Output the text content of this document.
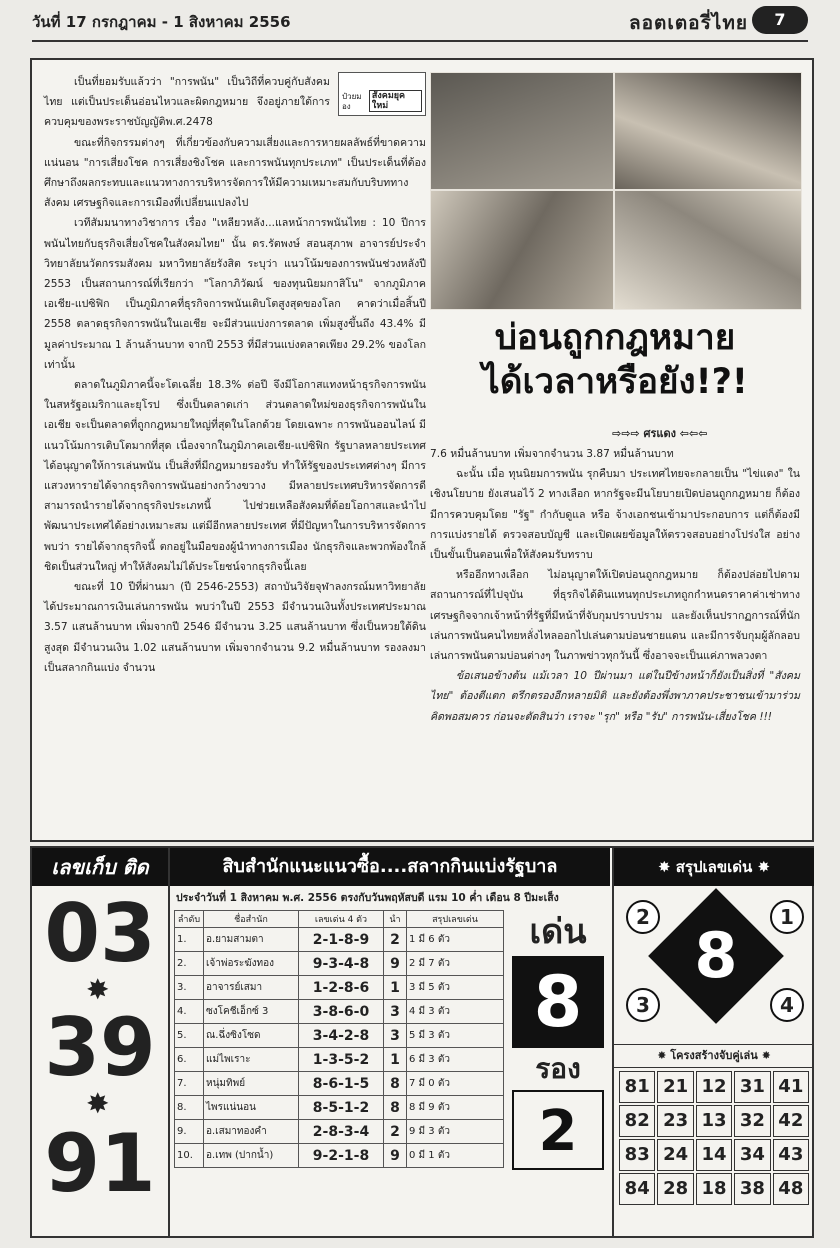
วันที่ 17 กรกฎาคม - 1 สิงหาคม 2556	ลอตเตอรี่ไทย	7
ป๋วยมอง
สังคมยุคใหม่

เป็นที่ยอมรับแล้วว่า "การพนัน" เป็นวิถีที่ควบคู่กับสังคมไทย แต่เป็นประเด็นอ่อนไหวและผิดกฎหมาย จึงอยู่ภายใต้การควบคุมของพระราชบัญญัติพ.ศ.2478

ขณะที่กิจกรรมต่างๆ ที่เกี่ยวข้องกับความเสี่ยงและการหายผลลัพธ์ที่ขาดความแน่นอน "การเสี่ยงโชค การเสี่ยงชิงโชค และการพนันทุกประเภท" เป็นประเด็นที่ต้องศึกษาถึงผลกระทบและแนวทางการบริหารจัดการให้มีความเหมาะสมกับบริบททางสังคม เศรษฐกิจและการเมืองที่เปลี่ยนแปลงไป

เวทีสัมมนาทางวิชาการ เรื่อง "เหลียวหลัง...แลหน้าการพนันไทย : 10 ปีการพนันไทยกับธุรกิจเสี่ยงโชคในสังคมไทย" นั้น ดร.รัตพงษ์ สอนสุภาพ อาจารย์ประจำวิทยาลัยนวัตกรรมสังคม มหาวิทยาลัยรังสิต ระบุว่า แนวโน้มของการพนันช่วงหลังปี 2553 เป็นสถานการณ์ที่เรียกว่า "โลกาภิวัฒน์ ของทุนนิยมกาสิโน" จากภูมิภาคเอเชีย-แปซิฟิก เป็นภูมิภาคที่ธุรกิจการพนันเติบโตสูงสุดของโลก คาดว่าเมื่อสิ้นปี 2558 ตลาดธุรกิจการพนันในเอเชีย จะมีส่วนแบ่งการตลาด เพิ่มสูงขึ้นถึง 43.4% มีมูลค่าประมาณ 1 ล้านล้านบาท จากปี 2553 ที่มีส่วนแบ่งตลาดเพียง 29.2% ของโลกเท่านั้น

ตลาดในภูมิภาคนี้จะโตเฉลี่ย 18.3% ต่อปี จึงมีโอกาสแทงหน้าธุรกิจการพนันในสหรัฐอเมริกาและยุโรป ซึ่งเป็นตลาดเก่า ส่วนตลาดใหม่ของธุรกิจการพนันในเอเชีย จะเป็นตลาดที่ถูกกฎหมายใหญ่ที่สุดในโลกด้วย โดยเฉพาะ การพนันออนไลน์ มีแนวโน้มการเติบโตมากที่สุด เนื่องจากในภูมิภาคเอเชีย-แปซิฟิก รัฐบาลหลายประเทศได้อนุญาตให้การเล่นพนัน เป็นสิ่งที่มีกฎหมายรองรับ ทำให้รัฐของประเทศต่างๆ มีการแสวงหารายได้จากธุรกิจการพนันอย่างกว้างขวาง มีหลายประเทศบริหารจัดการดี สามารถนำรายได้จากธุรกิจประเภทนี้ ไปช่วยเหลือสังคมที่ด้อยโอกาสและนำไปพัฒนาประเทศได้อย่างเหมาะสม แต่มีอีกหลายประเทศ ที่มีปัญหาในการบริหารจัดการ พบว่า รายได้จากธุรกิจนี้ ตกอยู่ในมือของผู้นำทางการเมือง นักธุรกิจและพวกพ้องใกล้ชิดเป็นส่วนใหญ่ ทำให้สังคมไม่ได้ประโยชน์จากธุรกิจนี้เลย

ขณะที่ 10 ปีที่ผ่านมา (ปี 2546-2553) สถาบันวิจัยจุฬาลงกรณ์มหาวิทยาลัย ได้ประมาณการเงินเล่นการพนัน พบว่าในปี 2553 มีจำนวนเงินทั้งประเทศประมาณ 3.57 แสนล้านบาท เพิ่มจากปี 2546 มีจำนวน 3.25 แสนล้านบาท ซึ่งเป็นหวยใต้ดินสูงสุด มีจำนวนเงิน 1.02 แสนล้านบาท เพิ่มจากจำนวน 9.2 หมื่นล้านบาท รองลงมาเป็นสลากกินแบ่ง จำนวน

บ่อนถูกกฎหมาย
ได้เวลาหรือยัง!?!
⇨⇨⇨ ศรแดง ⇦⇦⇦

7.6 หมื่นล้านบาท เพิ่มจากจำนวน 3.87 หมื่นล้านบาท

ฉะนั้น เมื่อ ทุนนิยมการพนัน รุกคืบมา ประเทศไทยจะกลายเป็น "ไข่แดง" ในเชิงนโยบาย ยังเสนอไว้ 2 ทางเลือก หากรัฐจะมีนโยบายเปิดบ่อนถูกกฎหมาย ก็ต้องมีการควบคุมโดย "รัฐ" กำกับดูแล หรือ จ้างเอกชนเข้ามาประกอบการ แต่ก็ต้องมีการแบ่งรายได้ ตรวจสอบบัญชี และเปิดเผยข้อมูลให้ตรวจสอบอย่างโปร่งใส อย่างเป็นขั้นเป็นตอนเพื่อให้สังคมรับทราบ

หรืออีกทางเลือก ไม่อนุญาตให้เปิดบ่อนถูกกฎหมาย ก็ต้องปล่อยไปตามสถานการณ์ที่ไปจุบัน ที่ธุรกิจได้ดินแทนทุกประเภทถูกกำหนดราคาค่าเช่าทางเศรษฐกิจจากเจ้าหน้าที่รัฐที่มีหน้าที่จับกุมปราบปราม และยังเห็นปรากฏการณ์ที่นักเล่นการพนันคนไทยหลั่งไหลออกไปเล่นตามบ่อนชายแดน และมีการจับกุมผู้ลักลอบเล่นการพนันตามบ่อนต่างๆ ในภาพข่าวทุกวันนี้ ซึ่งอาจจะเป็นแค่ภาพลวงตา

ข้อเสนอข้างต้น แม้เวลา 10 ปีผ่านมา แต่ในปีข้างหน้าก็ยังเป็นสิ่งที่ "สังคมไทย" ต้องตีแตก ตรึกตรองอีกหลายมิติ และยังต้องพึ่งพาภาคประชาชนเข้ามาร่วมคิดพอสมควร ก่อนจะตัดสินว่า เราจะ "รุก" หรือ "รับ" การพนัน-เสี่ยงโชค !!!

เลขเก็บ ติด
03
✸
39
✸
91
สิบสำนักแนะแนวซื้อ....สลากกินแบ่งรัฐบาล
ประจำวันที่ 1 สิงหาคม พ.ศ. 2556 ตรงกับวันพฤหัสบดี แรม 10 ค่ำ เดือน 8 ปีมะเส็ง
ลำดับ	ชื่อสำนัก	เลขเด่น 4 ตัว	นำ	สรุปเลขเด่น
1.	อ.ยามสามตา	2-1-8-9	2	1 มี 6 ตัว
2.	เจ้าพ่อระฆังทอง	9-3-4-8	9	2 มี 7 ตัว
3.	อาจารย์เสมา	1-2-8-6	1	3 มี 5 ตัว
4.	ซงโคชีเอ็กซ์ 3	3-8-6-0	3	4 มี 3 ตัว
5.	ณ.ฉึ่งซิงโซด	3-4-2-8	3	5 มี 3 ตัว
6.	แม่ไพเราะ	1-3-5-2	1	6 มี 3 ตัว
7.	หนุ่มทิพย์	8-6-1-5	8	7 มี 0 ตัว
8.	ไพรแน่นอน	8-5-1-2	8	8 มี 9 ตัว
9.	อ.เสมาทองคำ	2-8-3-4	2	9 มี 3 ตัว
10.	อ.เทพ (ปากน้ำ)	9-2-1-8	9	0 มี 1 ตัว
เด่น
8
รอง
2
✸ สรุปเลขเด่น ✸
8
2	1
3	4
✸ โครงสร้างจับคู่เล่น ✸
81 21 12 31 41
82 23 13 32 42
83 24 14 34 43
84 28 18 38 48
